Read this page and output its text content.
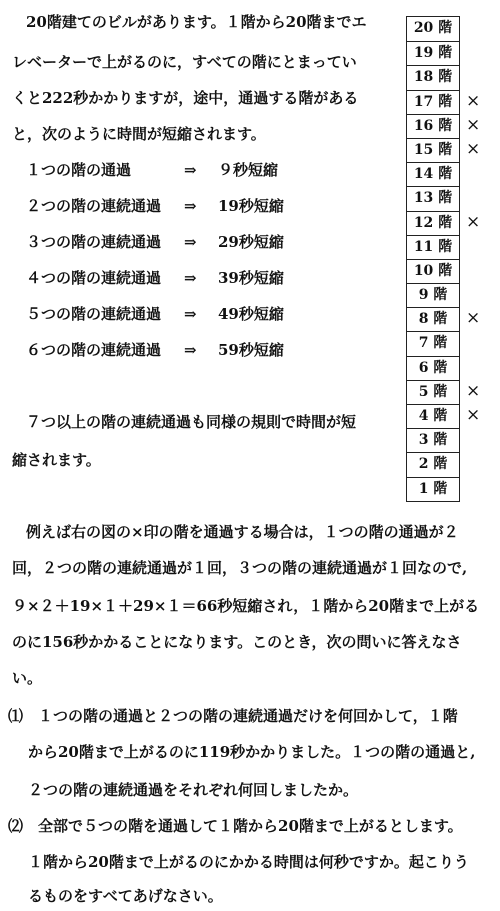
20階建てのビルがあります。１階から20階までエ
レベーターで上がるのに，すべての階にとまってい
くと222秒かかりますが，途中，通過する階がある
と，次のように時間が短縮されます。
１つの階の通過	⇒ ９秒短縮
２つの階の連続通過 ⇒ 19秒短縮
３つの階の連続通過 ⇒ 29秒短縮
４つの階の連続通過 ⇒ 39秒短縮
５つの階の連続通過 ⇒ 49秒短縮
６つの階の連続通過 ⇒ 59秒短縮
７つ以上の階の連続通過も同様の規則で時間が短
縮されます。
20 階
19 階
18 階
17 階
16 階
15 階
14 階
13 階
12 階
11 階
10 階
9 階
8 階
7 階
6 階
5 階
4 階
3 階
2 階
1 階
×
×
×
×
×
×
×
例えば右の図の×印の階を通過する場合は，１つの階の通過が２
回，２つの階の連続通過が１回，３つの階の連続通過が１回なので,
９×２＋19×１＋29×１＝66秒短縮され，１階から20階まで上がる
のに156秒かかることになります。このとき，次の問いに答えなさ
い。
⑴ １つの階の通過と２つの階の連続通過だけを何回かして，１階
から20階まで上がるのに119秒かかりました。１つの階の通過と,
２つの階の連続通過をそれぞれ何回しましたか。
⑵ 全部で５つの階を通過して１階から20階まで上がるとします。
１階から20階まで上がるのにかかる時間は何秒ですか。起こりう
るものをすべてあげなさい。
